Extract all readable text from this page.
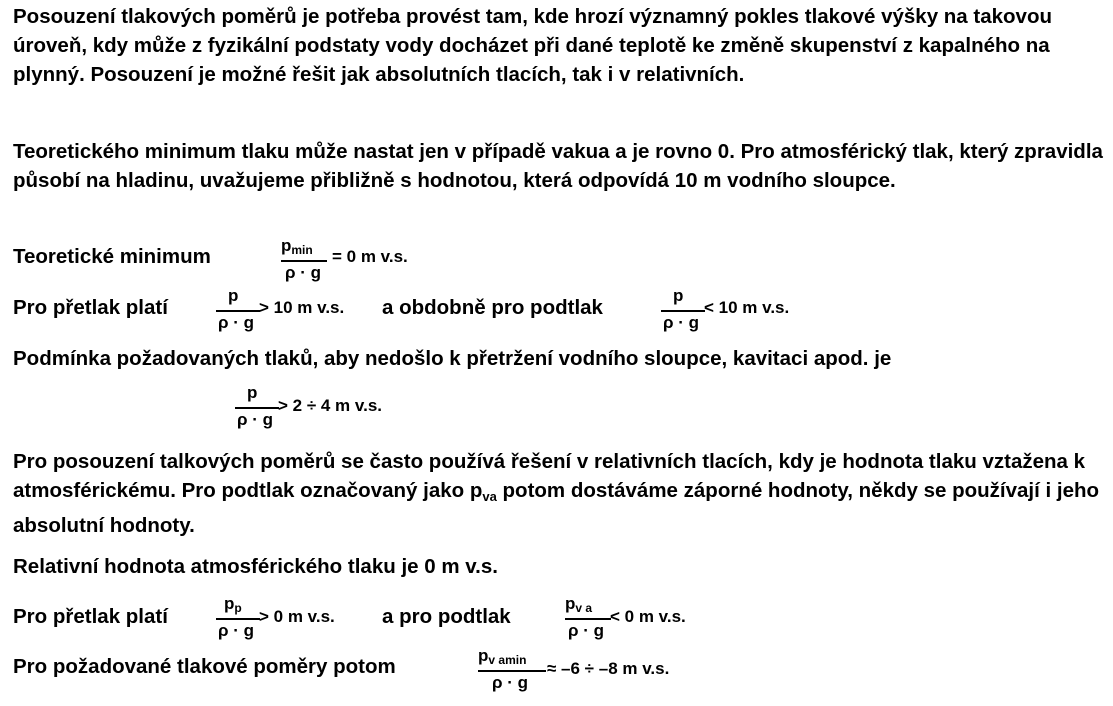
Posouzení tlakových poměrů je potřeba provést tam, kde hrozí významný pokles tlakové výšky na takovou úroveň, kdy může z fyzikální podstaty vody docházet při dané teplotě ke změně skupenství z kapalného na plynný. Posouzení je možné řešit jak absolutních tlacích, tak i v relativních.

Teoretického minimum tlaku může nastat jen v případě vakua a je rovno 0. Pro atmosférický tlak, který zpravidla působí na hladinu, uvažujeme přibližně s hodnotou, která odpovídá 10 m vodního sloupce.

Teoretické minimum	$p_{min}$
ρ · g
= 0 m v.s.
Pro přetlak platí
p
ρ · g
> 10 m v.s. a obdobně pro podtlak
p
ρ · g
< 10 m v.s.
Podmínka požadovaných tlaků, aby nedošlo k přetržení vodního sloupce, kavitaci apod. je
p
ρ · g
> 2 ÷ 4 m v.s.

Pro posouzení talkových poměrů se často používá řešení v relativních tlacích, kdy je hodnota tlaku vztažena k atmosférickému. Pro podtlak označovaný jako $p_{va}$ potom dostáváme záporné hodnoty, někdy se používají i jeho absolutní hodnoty.

Relativní hodnota atmosférického tlaku je 0 m v.s.
Pro přetlak platí
$p_p$
ρ · g
> 0 m v.s. a pro podtlak
$p_{v a}$
ρ · g
< 0 m v.s.
Pro požadované tlakové poměry potom	$p_{v amin}$
ρ · g
≈ –6 ÷ –8 m v.s.
